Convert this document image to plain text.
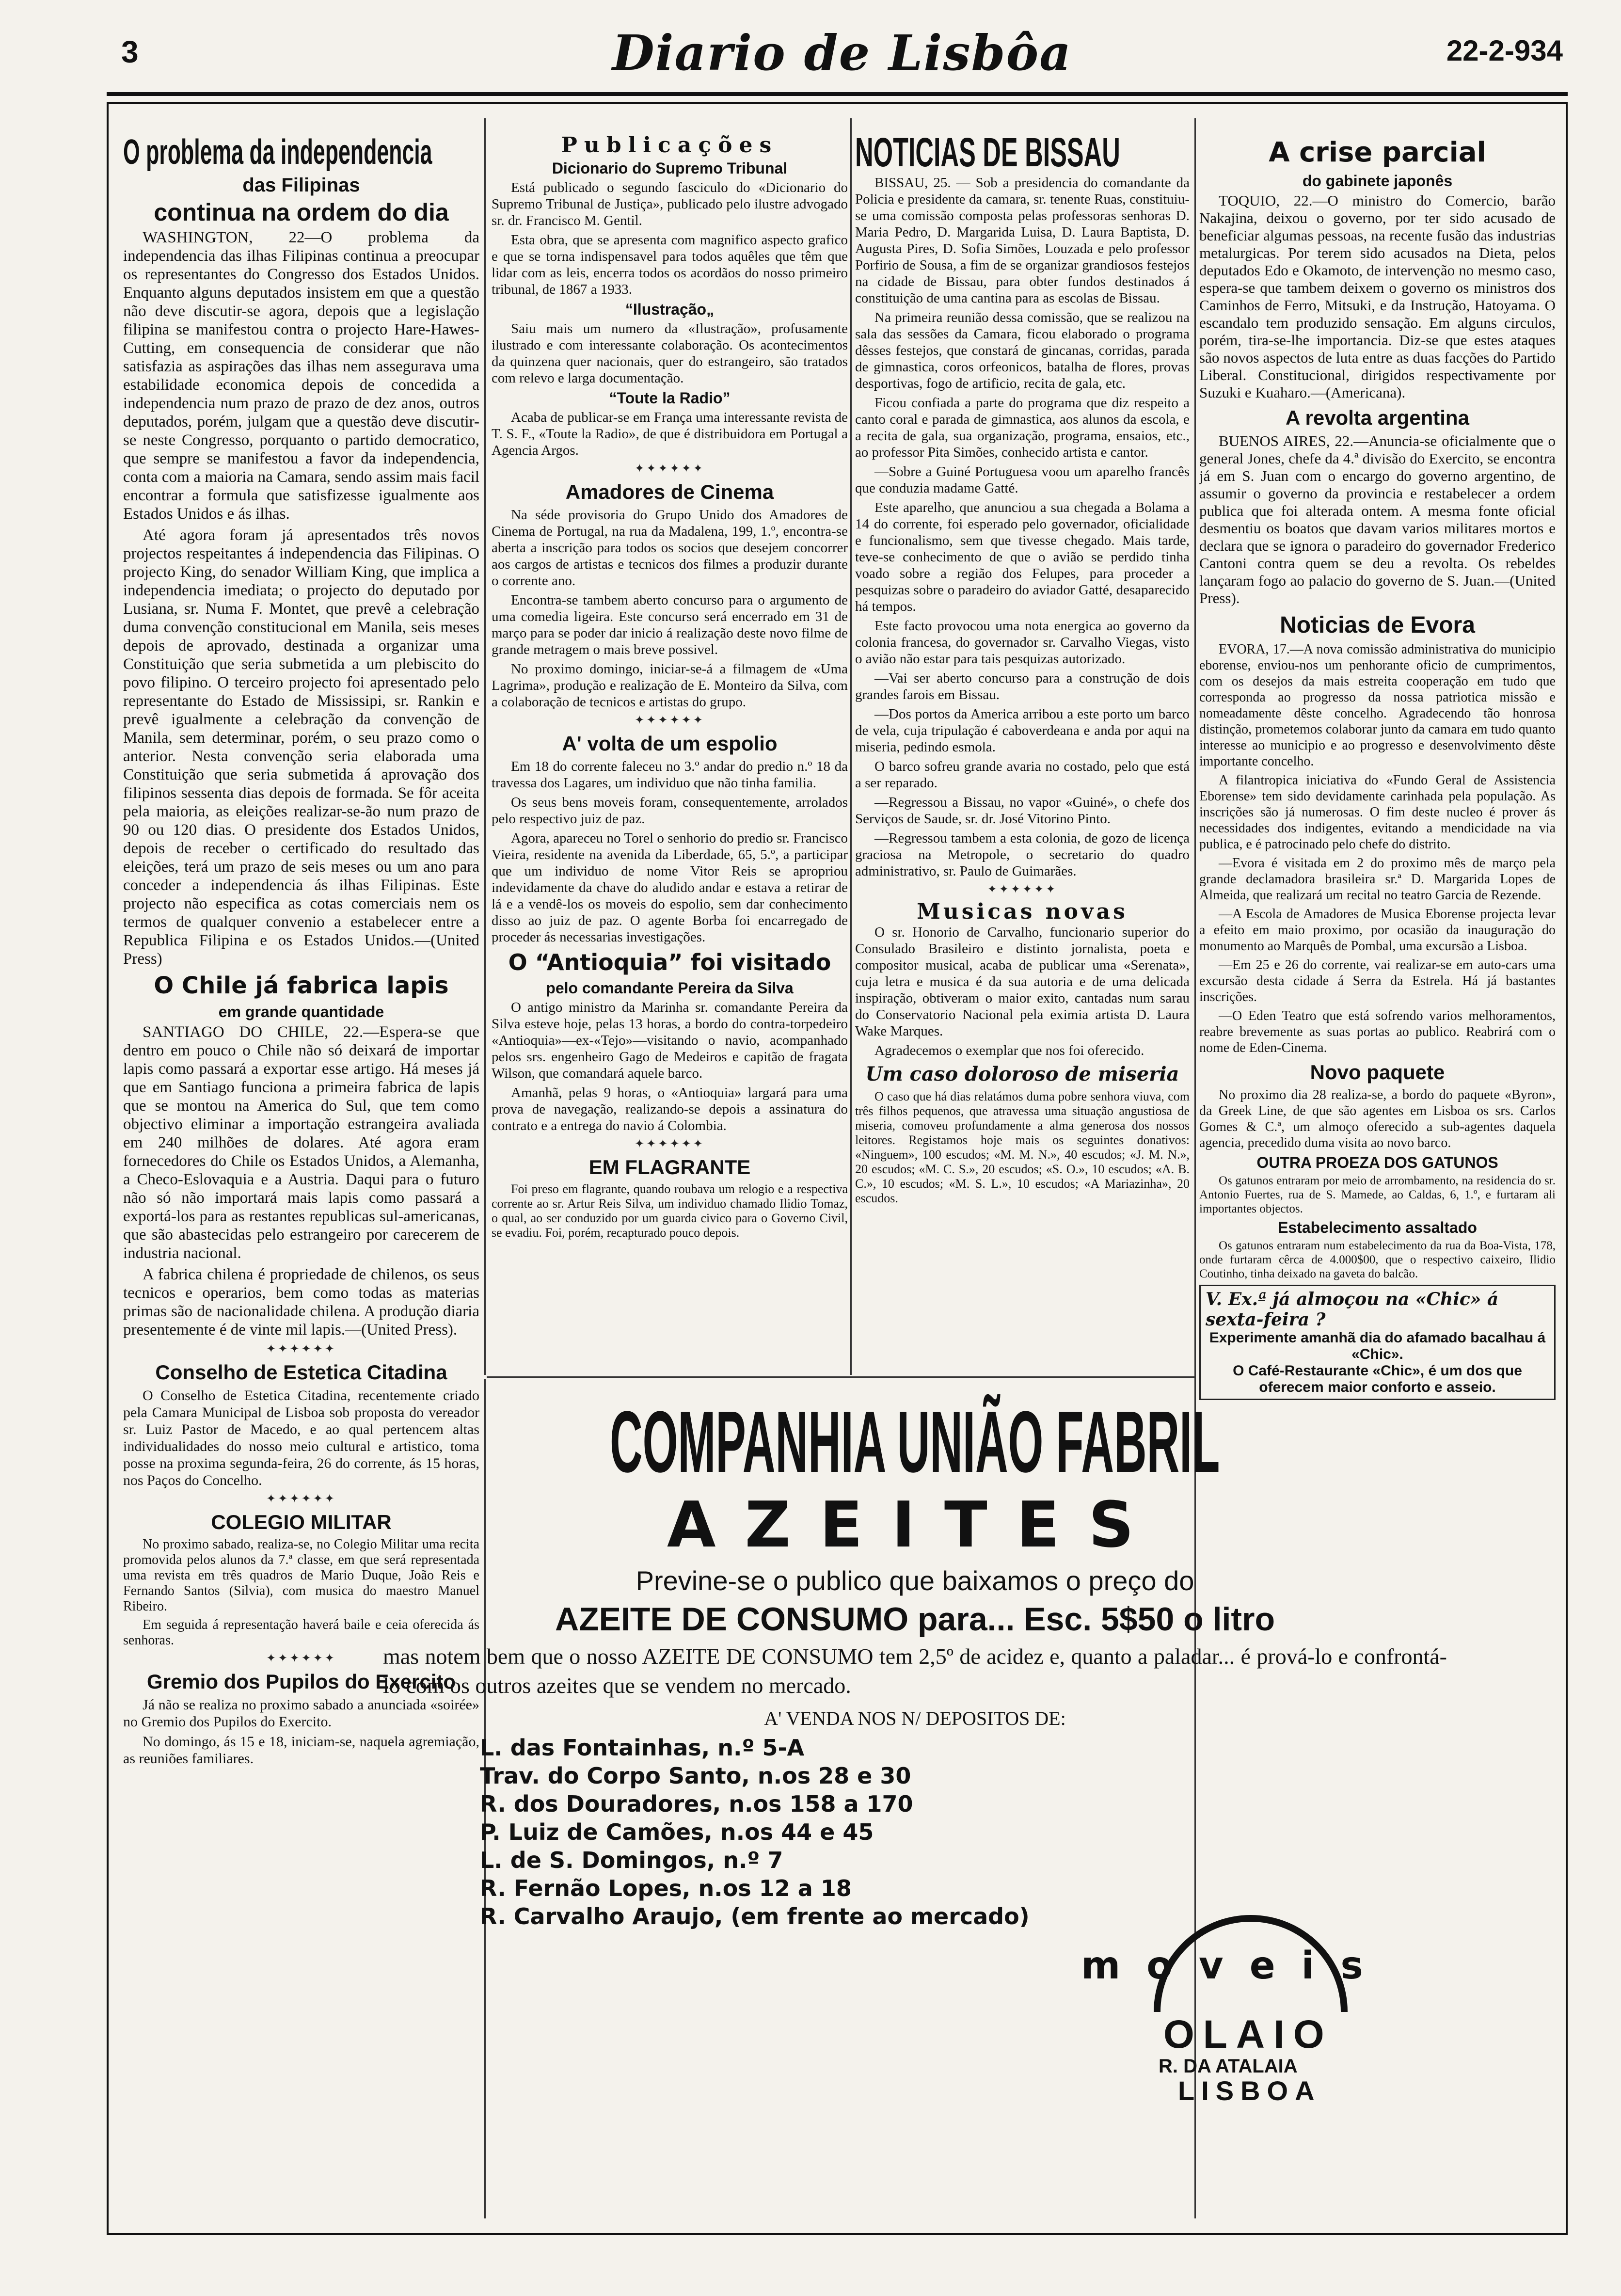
3	Diario de Lisbôa	22-2-934
O problema da independencia
das Filipinas
continua na ordem do dia

WASHINGTON, 22—O problema da independencia das ilhas Filipinas continua a preocupar os representantes do Congresso dos Estados Unidos. Enquanto alguns deputados insistem em que a questão não deve discutir-se agora, depois que a legislação filipina se manifestou contra o projecto Hare-Hawes-Cutting, em consequencia de considerar que não satisfazia as aspirações das ilhas nem assegurava uma estabilidade economica depois de concedida a independencia num prazo de prazo de dez anos, outros deputados, porém, julgam que a questão deve discutir-se neste Congresso, porquanto o partido democratico, que sempre se manifestou a favor da independencia, conta com a maioria na Camara, sendo assim mais facil encontrar a formula que satisfizesse igualmente aos Estados Unidos e ás ilhas.

Até agora foram já apresentados três novos projectos respeitantes á independencia das Filipinas. O projecto King, do senador William King, que implica a independencia imediata; o projecto do deputado por Lusiana, sr. Numa F. Montet, que prevê a celebração duma convenção constitucional em Manila, seis meses depois de aprovado, destinada a organizar uma Constituição que seria submetida a um plebiscito do povo filipino. O terceiro projecto foi apresentado pelo representante do Estado de Mississipi, sr. Rankin e prevê igualmente a celebração da convenção de Manila, sem determinar, porém, o seu prazo como o anterior. Nesta convenção seria elaborada uma Constituição que seria submetida á aprovação dos filipinos sessenta dias depois de formada. Se fôr aceita pela maioria, as eleições realizar-se-ão num prazo de 90 ou 120 dias. O presidente dos Estados Unidos, depois de receber o certificado do resultado das eleições, terá um prazo de seis meses ou um ano para conceder a independencia ás ilhas Filipinas. Este projecto não especifica as cotas comerciais nem os termos de qualquer convenio a estabelecer entre a Republica Filipina e os Estados Unidos.—(United Press)

O Chile já fabrica lapis
em grande quantidade

SANTIAGO DO CHILE, 22.—Espera-se que dentro em pouco o Chile não só deixará de importar lapis como passará a exportar esse artigo. Há meses já que em Santiago funciona a primeira fabrica de lapis que se montou na America do Sul, que tem como objectivo eliminar a importação estrangeira avaliada em 240 milhões de dolares. Até agora eram fornecedores do Chile os Estados Unidos, a Alemanha, a Checo-Eslovaquia e a Austria. Daqui para o futuro não só não importará mais lapis como passará a exportá-los para as restantes republicas sul-americanas, que são abastecidas pelo estrangeiro por carecerem de industria nacional.

A fabrica chilena é propriedade de chilenos, os seus tecnicos e operarios, bem como todas as materias primas são de nacionalidade chilena. A produção diaria presentemente é de vinte mil lapis.—(United Press).

✦✦✦✦✦✦
Conselho de Estetica Citadina

O Conselho de Estetica Citadina, recentemente criado pela Camara Municipal de Lisboa sob proposta do vereador sr. Luiz Pastor de Macedo, e ao qual pertencem altas individualidades do nosso meio cultural e artistico, toma posse na proxima segunda-feira, 26 do corrente, ás 15 horas, nos Paços do Concelho.

✦✦✦✦✦✦
COLEGIO MILITAR

No proximo sabado, realiza-se, no Colegio Militar uma recita promovida pelos alunos da 7.ª classe, em que será representada uma revista em três quadros de Mario Duque, João Reis e Fernando Santos (Silvia), com musica do maestro Manuel Ribeiro.

Em seguida á representação haverá baile e ceia oferecida ás senhoras.

✦✦✦✦✦✦
Gremio dos Pupilos do Exercito

Já não se realiza no proximo sabado a anunciada «soirée» no Gremio dos Pupilos do Exercito.

No domingo, ás 15 e 18, iniciam-se, naquela agremiação, as reuniões familiares.

Publicações
Dicionario do Supremo Tribunal

Está publicado o segundo fasciculo do «Dicionario do Supremo Tribunal de Justiça», publicado pelo ilustre advogado sr. dr. Francisco M. Gentil.

Esta obra, que se apresenta com magnifico aspecto grafico e que se torna indispensavel para todos aquêles que têm que lidar com as leis, encerra todos os acordãos do nosso primeiro tribunal, de 1867 a 1933.

“Ilustração„

Saiu mais um numero da «Ilustração», profusamente ilustrado e com interessante colaboração. Os acontecimentos da quinzena quer nacionais, quer do estrangeiro, são tratados com relevo e larga documentação.

“Toute la Radio”

Acaba de publicar-se em França uma interessante revista de T. S. F., «Toute la Radio», de que é distribuidora em Portugal a Agencia Argos.

✦✦✦✦✦✦
Amadores de Cinema

Na séde provisoria do Grupo Unido dos Amadores de Cinema de Portugal, na rua da Madalena, 199, 1.º, encontra-se aberta a inscrição para todos os socios que desejem concorrer aos cargos de artistas e tecnicos dos filmes a produzir durante o corrente ano.

Encontra-se tambem aberto concurso para o argumento de uma comedia ligeira. Este concurso será encerrado em 31 de março para se poder dar inicio á realização deste novo filme de grande metragem o mais breve possivel.

No proximo domingo, iniciar-se-á a filmagem de «Uma Lagrima», produção e realização de E. Monteiro da Silva, com a colaboração de tecnicos e artistas do grupo.

✦✦✦✦✦✦
A' volta de um espolio

Em 18 do corrente faleceu no 3.º andar do predio n.º 18 da travessa dos Lagares, um individuo que não tinha familia.

Os seus bens moveis foram, consequentemente, arrolados pelo respectivo juiz de paz.

Agora, apareceu no Torel o senhorio do predio sr. Francisco Vieira, residente na avenida da Liberdade, 65, 5.º, a participar que um individuo de nome Vitor Reis se apropriou indevidamente da chave do aludido andar e estava a retirar de lá e a vendê-los os moveis do espolio, sem dar conhecimento disso ao juiz de paz. O agente Borba foi encarregado de proceder ás necessarias investigações.

O “Antioquia” foi visitado
pelo comandante Pereira da Silva

O antigo ministro da Marinha sr. comandante Pereira da Silva esteve hoje, pelas 13 horas, a bordo do contra-torpedeiro «Antioquia»—ex-«Tejo»—visitando o navio, acompanhado pelos srs. engenheiro Gago de Medeiros e capitão de fragata Wilson, que comandará aquele barco.

Amanhã, pelas 9 horas, o «Antioquia» largará para uma prova de navegação, realizando-se depois a assinatura do contrato e a entrega do navio á Colombia.

✦✦✦✦✦✦
EM FLAGRANTE

Foi preso em flagrante, quando roubava um relogio e a respectiva corrente ao sr. Artur Reis Silva, um individuo chamado Ilidio Tomaz, o qual, ao ser conduzido por um guarda civico para o Governo Civil, se evadiu. Foi, porém, recapturado pouco depois.

NOTICIAS DE BISSAU

BISSAU, 25. — Sob a presidencia do comandante da Policia e presidente da camara, sr. tenente Ruas, constituiu-se uma comissão composta pelas professoras senhoras D. Maria Pedro, D. Margarida Luisa, D. Laura Baptista, D. Augusta Pires, D. Sofia Simões, Louzada e pelo professor Porfirio de Sousa, a fim de se organizar grandiosos festejos na cidade de Bissau, para obter fundos destinados á constituição de uma cantina para as escolas de Bissau.

Na primeira reunião dessa comissão, que se realizou na sala das sessões da Camara, ficou elaborado o programa dêsses festejos, que constará de gincanas, corridas, parada de gimnastica, coros orfeonicos, batalha de flores, provas desportivas, fogo de artificio, recita de gala, etc.

Ficou confiada a parte do programa que diz respeito a canto coral e parada de gimnastica, aos alunos da escola, e a recita de gala, sua organização, programa, ensaios, etc., ao professor Pita Simões, conhecido artista e cantor.

—Sobre a Guiné Portuguesa voou um aparelho francês que conduzia madame Gatté.

Este aparelho, que anunciou a sua chegada a Bolama a 14 do corrente, foi esperado pelo governador, oficialidade e funcionalismo, sem que tivesse chegado. Mais tarde, teve-se conhecimento de que o avião se perdido tinha voado sobre a região dos Felupes, para proceder a pesquizas sobre o paradeiro do aviador Gatté, desaparecido há tempos.

Este facto provocou uma nota energica ao governo da colonia francesa, do governador sr. Carvalho Viegas, visto o avião não estar para tais pesquizas autorizado.

—Vai ser aberto concurso para a construção de dois grandes farois em Bissau.

—Dos portos da America arribou a este porto um barco de vela, cuja tripulação é caboverdeana e anda por aqui na miseria, pedindo esmola.

O barco sofreu grande avaria no costado, pelo que está a ser reparado.

—Regressou a Bissau, no vapor «Guiné», o chefe dos Serviços de Saude, sr. dr. José Vitorino Pinto.

—Regressou tambem a esta colonia, de gozo de licença graciosa na Metropole, o secretario do quadro administrativo, sr. Paulo de Guimarães.

✦✦✦✦✦✦
Musicas novas

O sr. Honorio de Carvalho, funcionario superior do Consulado Brasileiro e distinto jornalista, poeta e compositor musical, acaba de publicar uma «Serenata», cuja letra e musica é da sua autoria e de uma delicada inspiração, obtiveram o maior exito, cantadas num sarau do Conservatorio Nacional pela eximia artista D. Laura Wake Marques.

Agradecemos o exemplar que nos foi oferecido.

Um caso doloroso de miseria

O caso que há dias relatámos duma pobre senhora viuva, com três filhos pequenos, que atravessa uma situação angustiosa de miseria, comoveu profundamente a alma generosa dos nossos leitores. Registamos hoje mais os seguintes donativos: «Ninguem», 100 escudos; «M. M. N.», 40 escudos; «J. M. N.», 20 escudos; «M. C. S.», 20 escudos; «S. O.», 10 escudos; «A. B. C.», 10 escudos; «M. S. L.», 10 escudos; «A Mariazinha», 20 escudos.

A crise parcial
do gabinete japonês

TOQUIO, 22.—O ministro do Comercio, barão Nakajina, deixou o governo, por ter sido acusado de beneficiar algumas pessoas, na recente fusão das industrias metalurgicas. Por terem sido acusados na Dieta, pelos deputados Edo e Okamoto, de intervenção no mesmo caso, espera-se que tambem deixem o governo os ministros dos Caminhos de Ferro, Mitsuki, e da Instrução, Hatoyama. O escandalo tem produzido sensação. Em alguns circulos, porém, tira-se-lhe importancia. Diz-se que estes ataques são novos aspectos de luta entre as duas facções do Partido Liberal. Constitucional, dirigidos respectivamente por Suzuki e Kuaharo.—(Americana).

A revolta argentina

BUENOS AIRES, 22.—Anuncia-se oficialmente que o general Jones, chefe da 4.ª divisão do Exercito, se encontra já em S. Juan com o encargo do governo argentino, de assumir o governo da provincia e restabelecer a ordem publica que foi alterada ontem. A mesma fonte oficial desmentiu os boatos que davam varios militares mortos e declara que se ignora o paradeiro do governador Frederico Cantoni contra quem se deu a revolta. Os rebeldes lançaram fogo ao palacio do governo de S. Juan.—(United Press).

Noticias de Evora

EVORA, 17.—A nova comissão administrativa do municipio eborense, enviou-nos um penhorante oficio de cumprimentos, com os desejos da mais estreita cooperação em tudo que corresponda ao progresso da nossa patriotica missão e nomeadamente dêste concelho. Agradecendo tão honrosa distinção, prometemos colaborar junto da camara em tudo quanto interesse ao municipio e ao progresso e desenvolvimento dêste importante concelho.

A filantropica iniciativa do «Fundo Geral de Assistencia Eborense» tem sido devidamente carinhada pela população. As inscrições são já numerosas. O fim deste nucleo é prover ás necessidades dos indigentes, evitando a mendicidade na via publica, e é patrocinado pelo chefe do distrito.

—Evora é visitada em 2 do proximo mês de março pela grande declamadora brasileira sr.ª D. Margarida Lopes de Almeida, que realizará um recital no teatro Garcia de Rezende.

—A Escola de Amadores de Musica Eborense projecta levar a efeito em maio proximo, por ocasião da inauguração do monumento ao Marquês de Pombal, uma excursão a Lisboa.

—Em 25 e 26 do corrente, vai realizar-se em auto-cars uma excursão desta cidade á Serra da Estrela. Há já bastantes inscrições.

—O Eden Teatro que está sofrendo varios melhoramentos, reabre brevemente as suas portas ao publico. Reabrirá com o nome de Eden-Cinema.

Novo paquete

No proximo dia 28 realiza-se, a bordo do paquete «Byron», da Greek Line, de que são agentes em Lisboa os srs. Carlos Gomes & C.ª, um almoço oferecido a sub-agentes daquela agencia, precedido duma visita ao novo barco.

OUTRA PROEZA DOS GATUNOS

Os gatunos entraram por meio de arrombamento, na residencia do sr. Antonio Fuertes, rua de S. Mamede, ao Caldas, 6, 1.º, e furtaram ali importantes objectos.

Estabelecimento assaltado

Os gatunos entraram num estabelecimento da rua da Boa-Vista, 178, onde furtaram cêrca de 4.000$00, que o respectivo caixeiro, Ilidio Coutinho, tinha deixado na gaveta do balcão.

V. Ex.ª já almoçou na «Chic» á sexta-feira ?
Experimente amanhã dia do afamado bacalhau á «Chic».
O Café-Restaurante «Chic», é um dos que oferecem maior conforto e asseio.
COMPANHIA UNIÃO FABRIL
AZEITES
Previne-se o publico que baixamos o preço do
AZEITE DE CONSUMO para... Esc. 5$50 o litro
mas notem bem que o nosso AZEITE DE CONSUMO tem 2,5º de acidez e, quanto a paladar... é prová-lo e confrontá-lo com os outros azeites que se vendem no mercado.
A' VENDA NOS N/ DEPOSITOS DE:
L. das Fontainhas, n.º 5-A
Trav. do Corpo Santo, n.os 28 e 30
R. dos Douradores, n.os 158 a 170
P. Luiz de Camões, n.os 44 e 45
L. de S. Domingos, n.º 7
R. Fernão Lopes, n.os 12 a 18
R. Carvalho Araujo, (em frente ao mercado)
moveis
OLAIO
R. DA ATALAIA
LISBOA
